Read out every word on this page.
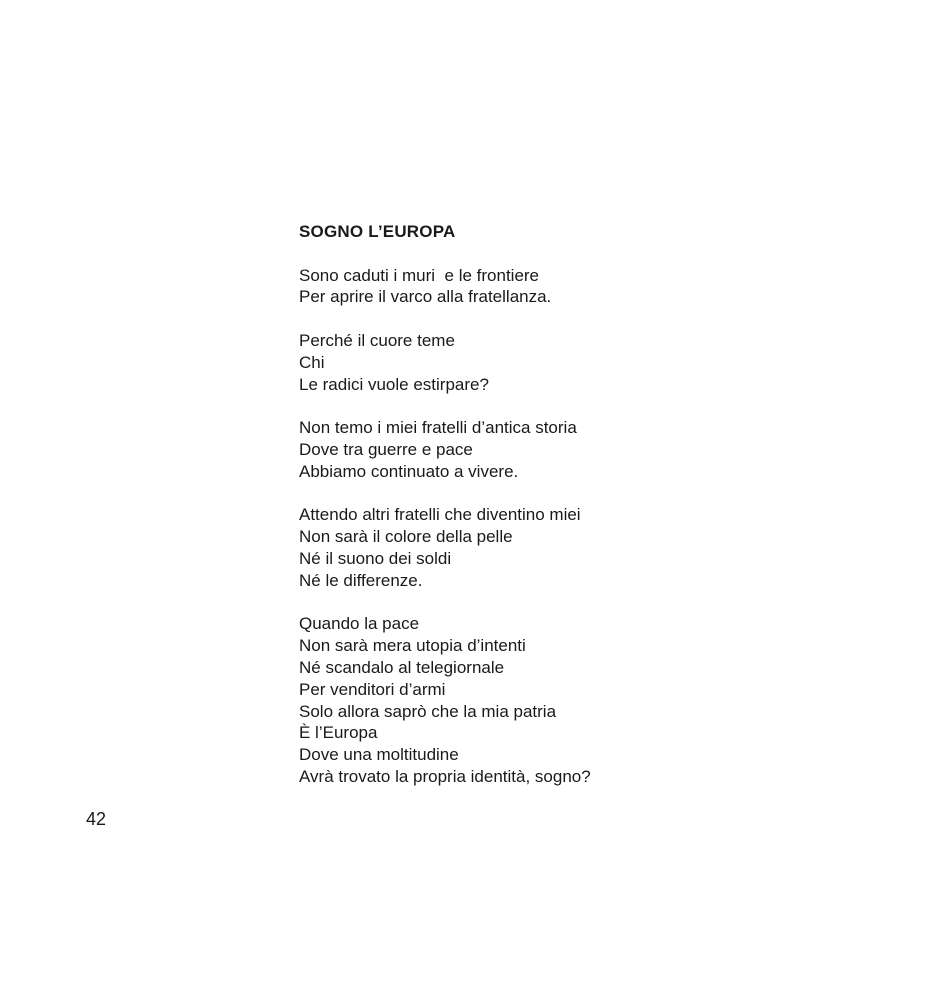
SOGNO L’EUROPA
Sono caduti i muri  e le frontiere
Per aprire il varco alla fratellanza.
Perché il cuore teme
Chi
Le radici vuole estirpare?
Non temo i miei fratelli d’antica storia
Dove tra guerre e pace
Abbiamo continuato a vivere.
Attendo altri fratelli che diventino miei
Non sarà il colore della pelle
Né il suono dei soldi
Né le differenze.
Quando la pace
Non sarà mera utopia d’intenti
Né scandalo al telegiornale
Per venditori d’armi
Solo allora saprò che la mia patria
È l’Europa
Dove una moltitudine
Avrà trovato la propria identità, sogno?
42
